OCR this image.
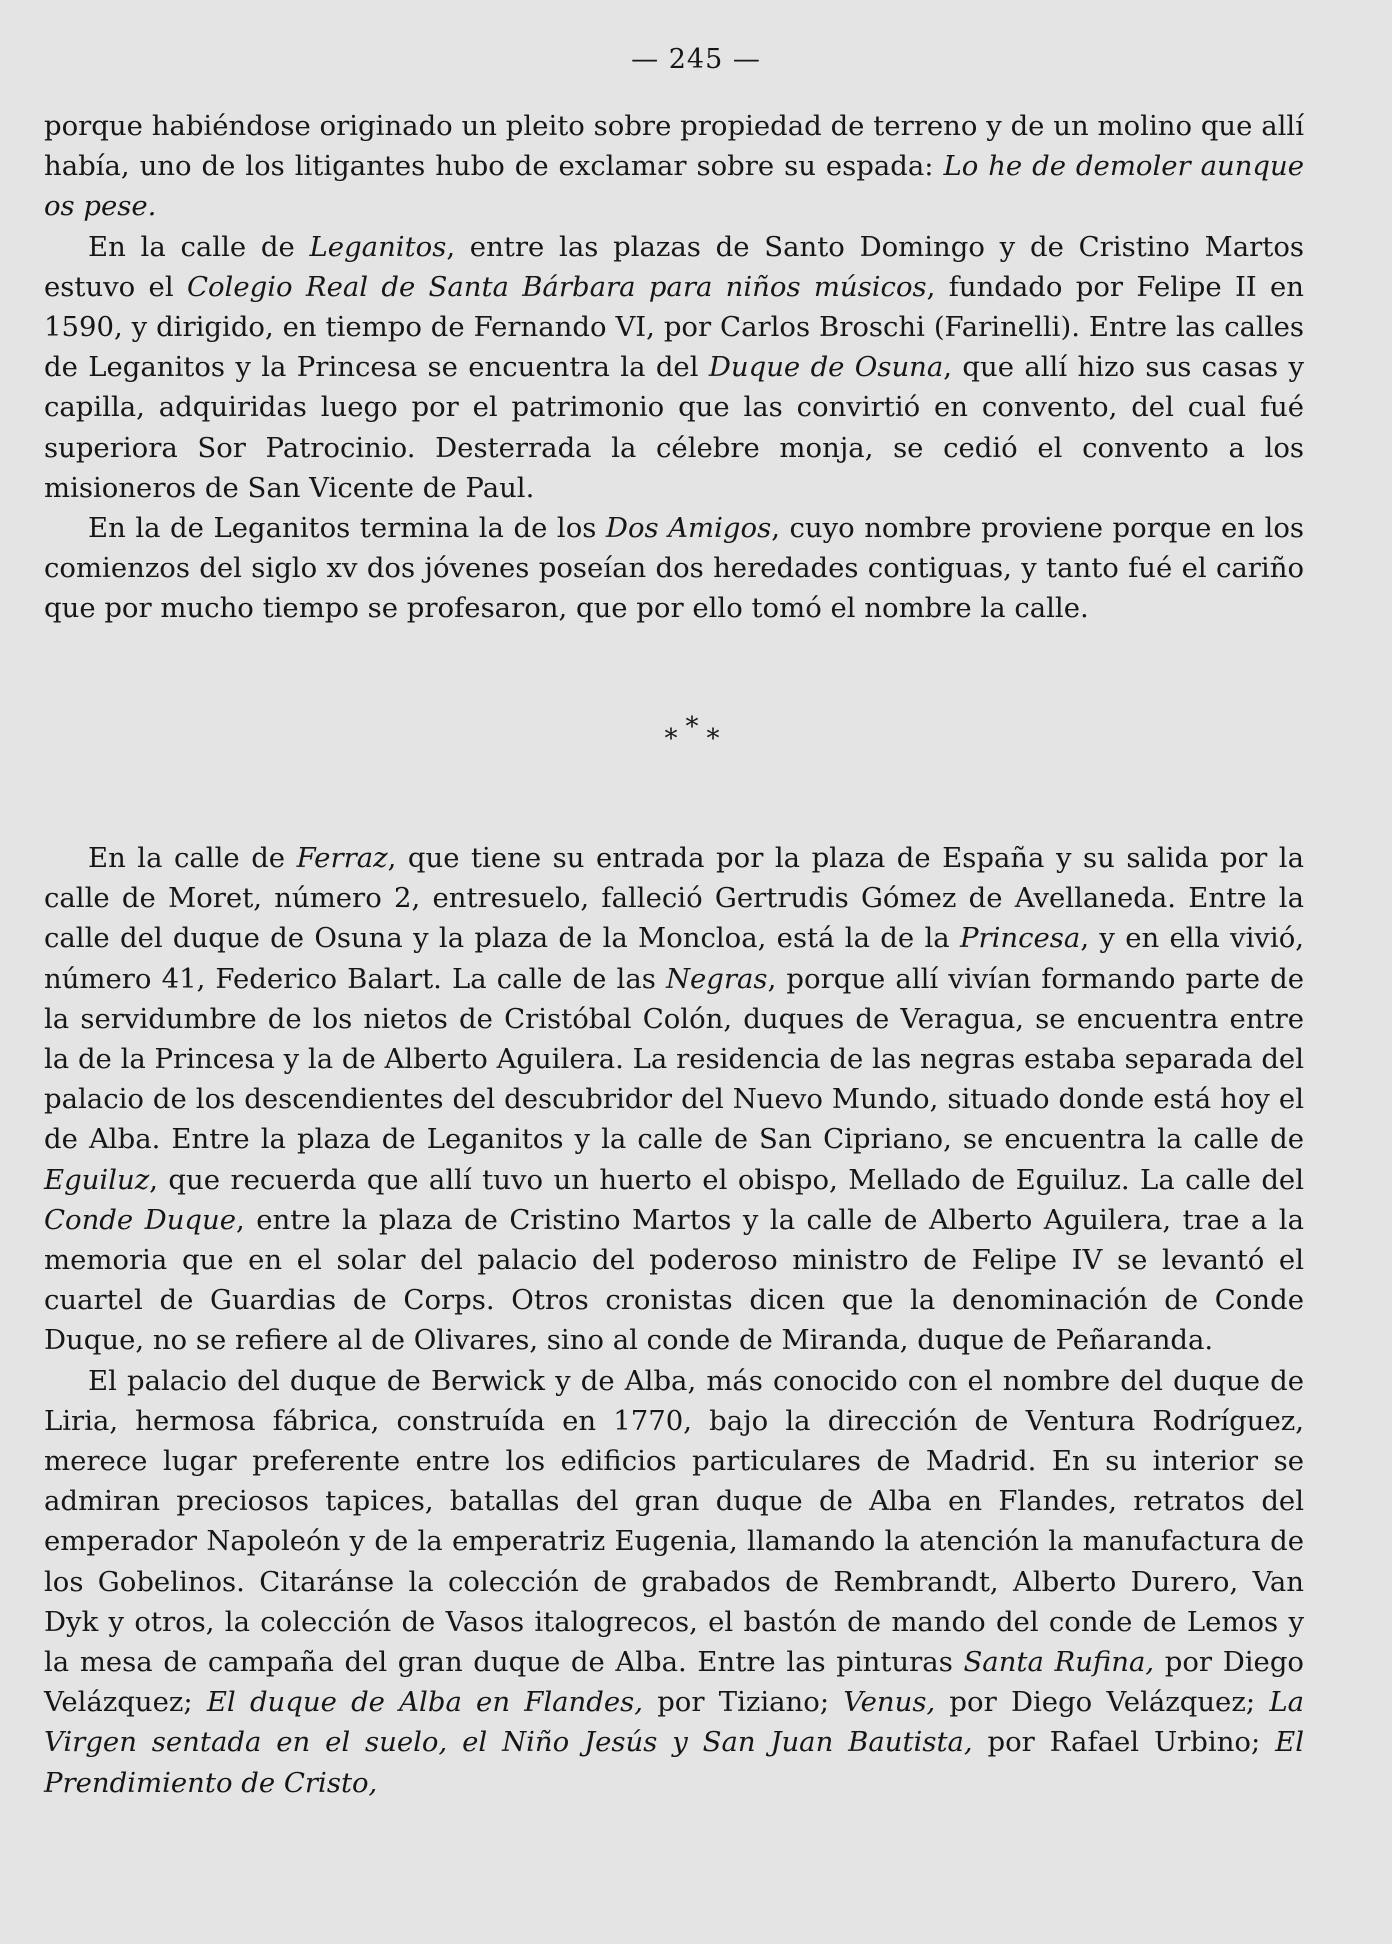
— 245 —

porque habiéndose originado un pleito sobre propiedad de terreno y de un molino que allí había, uno de los litigantes hubo de exclamar sobre su espada: Lo he de demoler aunque os pese.

En la calle de Leganitos, entre las plazas de Santo Domingo y de Cristino Martos estuvo el Colegio Real de Santa Bárbara para niños músicos, fundado por Felipe II en 1590, y dirigido, en tiempo de Fernando VI, por Carlos Broschi (Farinelli). Entre las calles de Leganitos y la Princesa se encuentra la del Duque de Osuna, que allí hizo sus casas y capilla, adquiridas luego por el patrimonio que las convirtió en convento, del cual fué superiora Sor Patrocinio. Desterrada la célebre monja, se cedió el convento a los misioneros de San Vicente de Paul.

En la de Leganitos termina la de los Dos Amigos, cuyo nombre proviene porque en los comienzos del siglo xv dos jóvenes poseían dos heredades contiguas, y tanto fué el cariño que por mucho tiempo se profesaron, que por ello tomó el nombre la calle.

***

En la calle de Ferraz, que tiene su entrada por la plaza de España y su salida por la calle de Moret, número 2, entresuelo, falleció Gertrudis Gómez de Avellaneda. Entre la calle del duque de Osuna y la plaza de la Moncloa, está la de la Princesa, y en ella vivió, número 41, Federico Balart. La calle de las Negras, porque allí vivían formando parte de la servidumbre de los nietos de Cristóbal Colón, duques de Veragua, se encuentra entre la de la Princesa y la de Alberto Aguilera. La residencia de las negras estaba separada del palacio de los descendientes del descubridor del Nuevo Mundo, situado donde está hoy el de Alba. Entre la plaza de Leganitos y la calle de San Cipriano, se encuentra la calle de Eguiluz, que recuerda que allí tuvo un huerto el obispo, Mellado de Eguiluz. La calle del Conde Duque, entre la plaza de Cristino Martos y la calle de Alberto Aguilera, trae a la memoria que en el solar del palacio del poderoso ministro de Felipe IV se levantó el cuartel de Guardias de Corps. Otros cronistas dicen que la denominación de Conde Duque, no se refiere al de Olivares, sino al conde de Miranda, duque de Peñaranda.

El palacio del duque de Berwick y de Alba, más conocido con el nombre del duque de Liria, hermosa fábrica, construída en 1770, bajo la dirección de Ventura Rodríguez, merece lugar preferente entre los edificios particulares de Madrid. En su interior se admiran preciosos tapices, batallas del gran duque de Alba en Flandes, retratos del emperador Napoleón y de la emperatriz Eugenia, llamando la atención la manufactura de los Gobelinos. Citaránse la colección de grabados de Rembrandt, Alberto Durero, Van Dyk y otros, la colección de Vasos italogrecos, el bastón de mando del conde de Lemos y la mesa de campaña del gran duque de Alba. Entre las pinturas Santa Rufina, por Diego Velázquez; El duque de Alba en Flandes, por Tiziano; Venus, por Diego Velázquez; La Virgen sentada en el suelo, el Niño Jesús y San Juan Bautista, por Rafael Urbino; El Prendimiento de Cristo,
